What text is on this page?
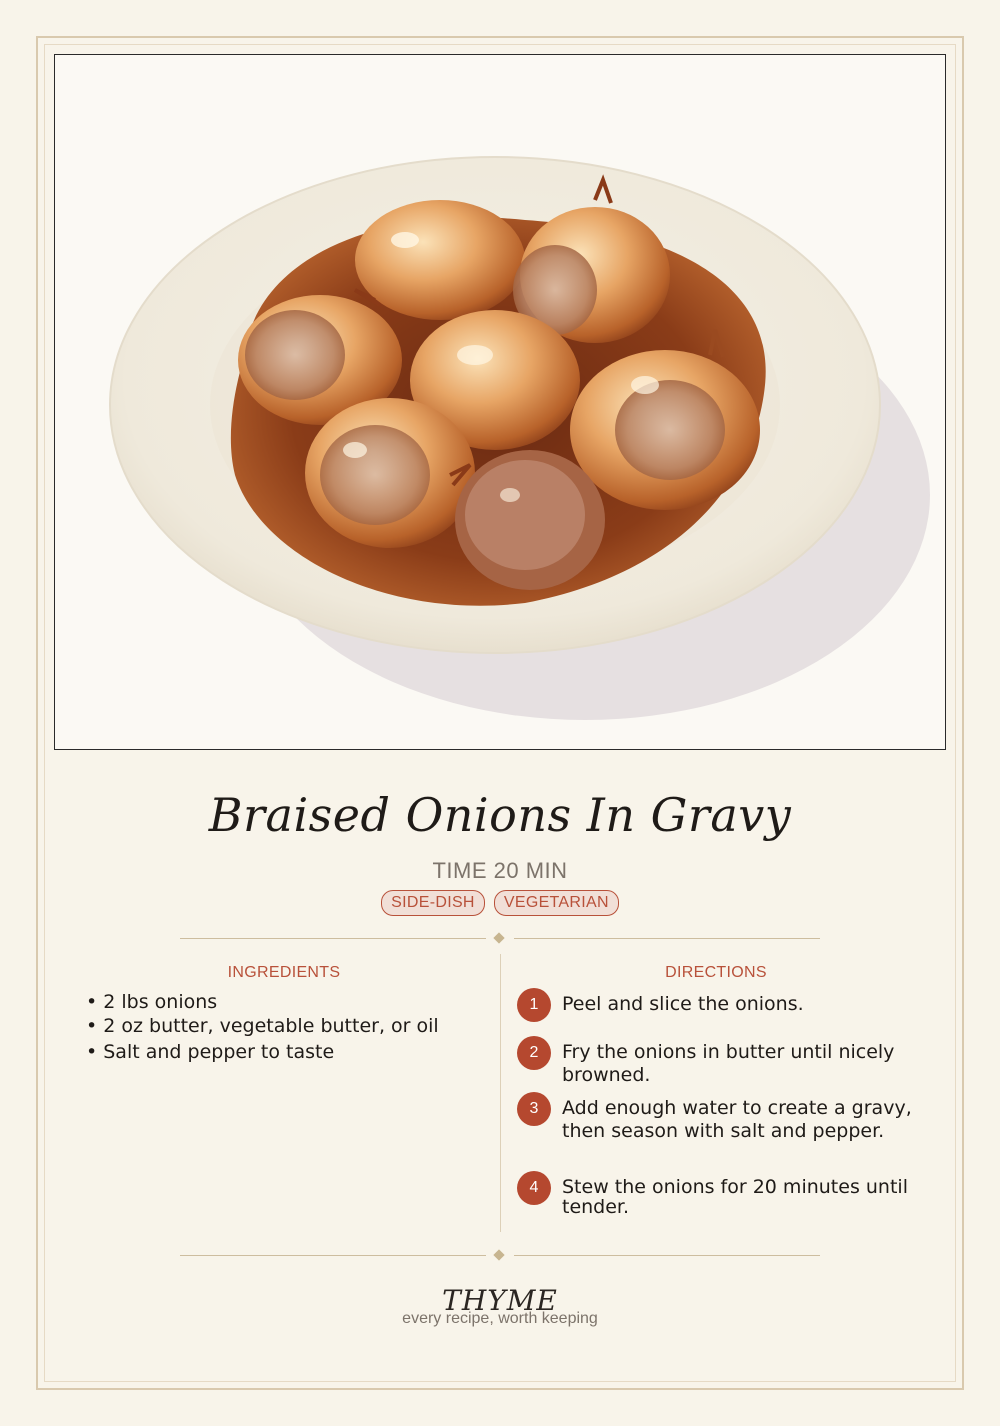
Braised Onions In Gravy
TIME 20 MIN
SIDE-DISH VEGETARIAN
INGREDIENTS
• 2 lbs onions
• 2 oz butter, vegetable butter, or oil
• Salt and pepper to taste
DIRECTIONS
1	Peel and slice the onions.
2	Fry the onions in butter until nicely browned.
3	Add enough water to create a gravy, then season with salt and pepper.
4	Stew the onions for 20 minutes until tender.
THYME
every recipe, worth keeping
